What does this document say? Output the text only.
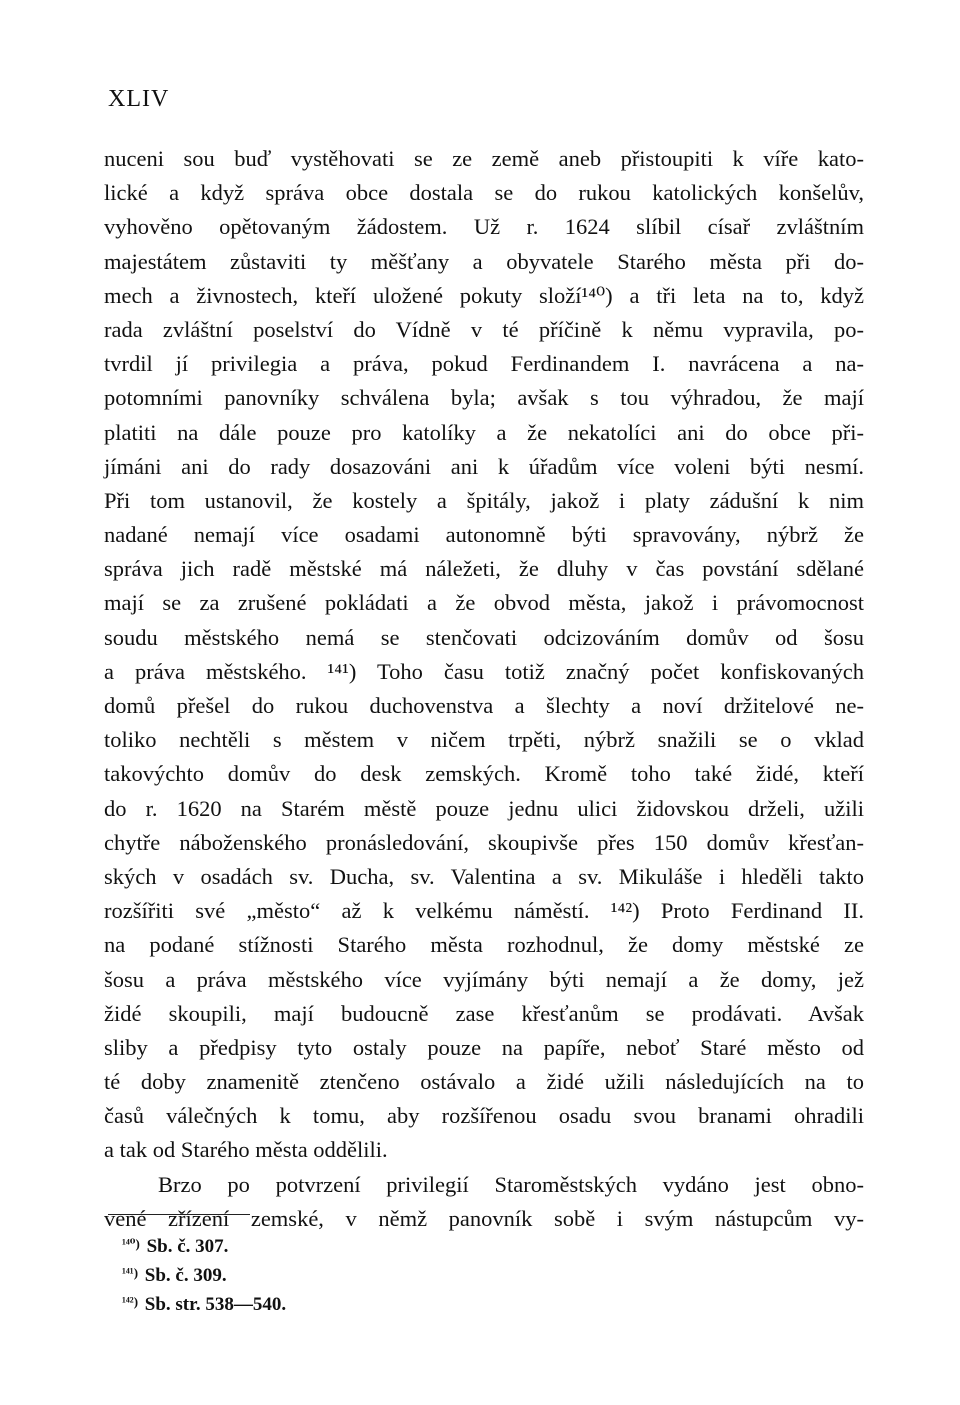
XLIV
nuceni sou buď vystěhovati se ze země aneb přistoupiti k víře kato-
lické a když správa obce dostala se do rukou katolických konšelův,
vyhověno opětovaným žádostem. Už r. 1624 slíbil císař zvláštním
majestátem zůstaviti ty měšťany a obyvatele Starého města při do-
mech a živnostech, kteří uložené pokuty složí¹⁴⁰) a tři leta na to, když
rada zvláštní poselství do Vídně v té příčině k němu vypravila, po-
tvrdil jí privilegia a práva, pokud Ferdinandem I. navrácena a na-
potomními panovníky schválena byla; avšak s tou výhradou, že mají
platiti na dále pouze pro katolíky a že nekatolíci ani do obce při-
jímáni ani do rady dosazováni ani k úřadům více voleni býti nesmí.
Při tom ustanovil, že kostely a špitály, jakož i platy zádušní k nim
nadané nemají více osadami autonomně býti spravovány, nýbrž že
správa jich radě městské má náležeti, že dluhy v čas povstání sdělané
mají se za zrušené pokládati a že obvod města, jakož i právomocnost
soudu městského nemá se stenčovati odcizováním domův od šosu
a práva městského. ¹⁴¹) Toho času totiž značný počet konfiskovaných
domů přešel do rukou duchovenstva a šlechty a noví držitelové ne-
toliko nechtěli s městem v ničem trpěti, nýbrž snažili se o vklad
takovýchto domův do desk zemských. Kromě toho také židé, kteří
do r. 1620 na Starém městě pouze jednu ulici židovskou drželi, užili
chytře náboženského pronásledování, skoupivše přes 150 domův křesťan-
ských v osadách sv. Ducha, sv. Valentina a sv. Mikuláše i hleděli takto
rozšířiti své „město“ až k velkému náměstí. ¹⁴²) Proto Ferdinand II.
na podané stížnosti Starého města rozhodnul, že domy městské ze
šosu a práva městského více vyjímány býti nemají a že domy, jež
židé skoupili, mají budoucně zase křesťanům se prodávati. Avšak
sliby a předpisy tyto ostaly pouze na papíře, neboť Staré město od
té doby znamenitě ztenčeno ostávalo a židé užili následujících na to
časů válečných k tomu, aby rozšířenou osadu svou branami ohradili
a tak od Starého města oddělili.
Brzo po potvrzení privilegií Staroměstských vydáno jest obno-
vené zřízení zemské, v němž panovník sobě i svým nástupcům vy-
$^{^{140})}$ Sb. č. 307.
$^{^{141})}$ Sb. č. 309.
$^{^{142})}$ Sb. str. 538—540.
